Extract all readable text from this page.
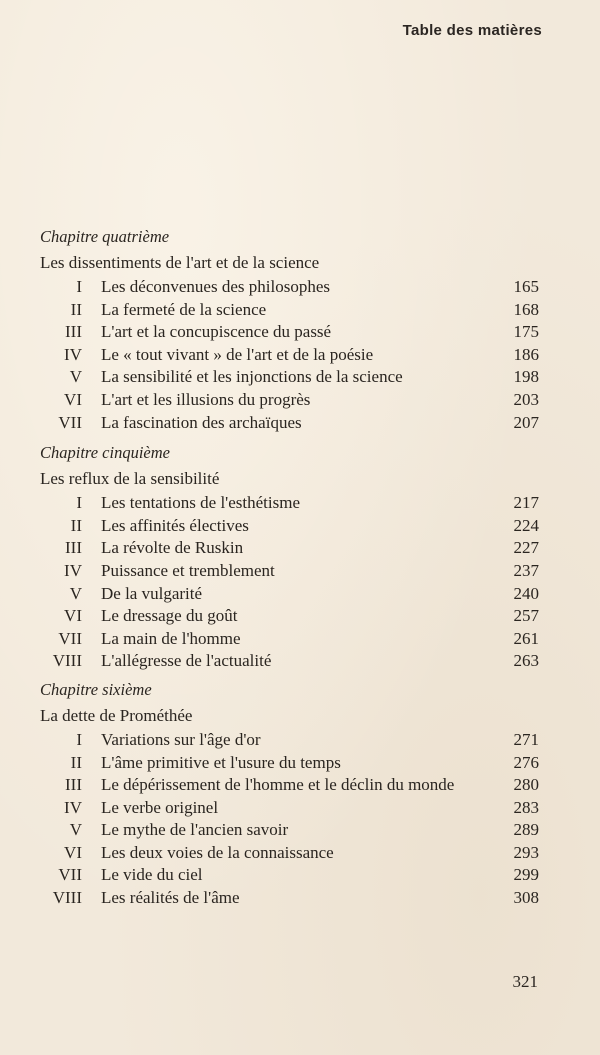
Table des matières
Chapitre quatrième
Les dissentiments de l'art et de la science
I Les déconvenues des philosophes	165
II La fermeté de la science	168
III L'art et la concupiscence du passé	175
IV Le « tout vivant » de l'art et de la poésie	186
V La sensibilité et les injonctions de la science	198
VI L'art et les illusions du progrès	203
VII La fascination des archaïques	207
Chapitre cinquième
Les reflux de la sensibilité
I Les tentations de l'esthétisme	217
II Les affinités électives	224
III La révolte de Ruskin	227
IV Puissance et tremblement	237
V De la vulgarité	240
VI Le dressage du goût	257
VII La main de l'homme	261
VIII L'allégresse de l'actualité	263
Chapitre sixième
La dette de Prométhée
I Variations sur l'âge d'or	271
II L'âme primitive et l'usure du temps	276
III Le dépérissement de l'homme et le déclin du monde	280
IV Le verbe originel	283
V Le mythe de l'ancien savoir	289
VI Les deux voies de la connaissance	293
VII Le vide du ciel	299
VIII Les réalités de l'âme	308
321
